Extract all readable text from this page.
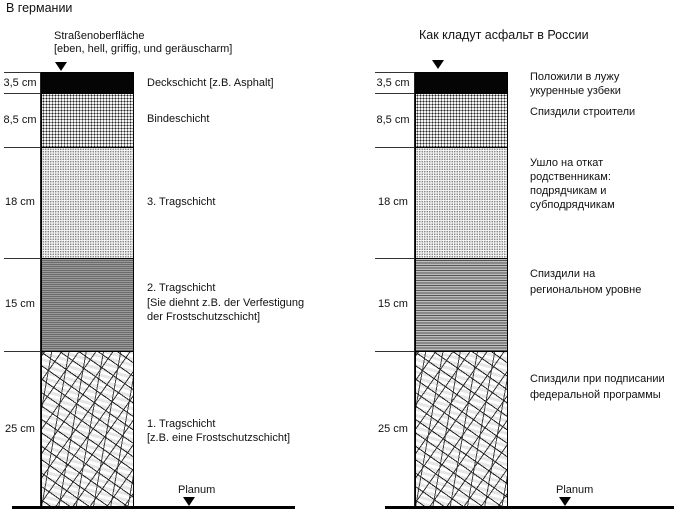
В германии
Straßenoberfläche
[eben, hell, griffig, und geräuscharm]
3,5 cm
8,5 cm
18 cm
15 cm
25 cm
Deckschicht [z.B. Asphalt]
Bindeschicht
3. Tragschicht
2. Tragschicht
[Sie diehnt z.B. der Verfestigung
der Frostschutzschicht]
1. Tragschicht
[z.B. eine Frostschutzschicht]
Planum
Как кладут асфальт в России
3,5 cm
8,5 cm
18 cm
15 cm
25 cm
Положили в лужу
укуренные узбеки
Спиздили строители
Ушло на откат
родственникам:
подрядчикам и
субподрядчикам
Спиздили на
региональном уровне
Спиздили при подписании
федеральной программы
Planum
